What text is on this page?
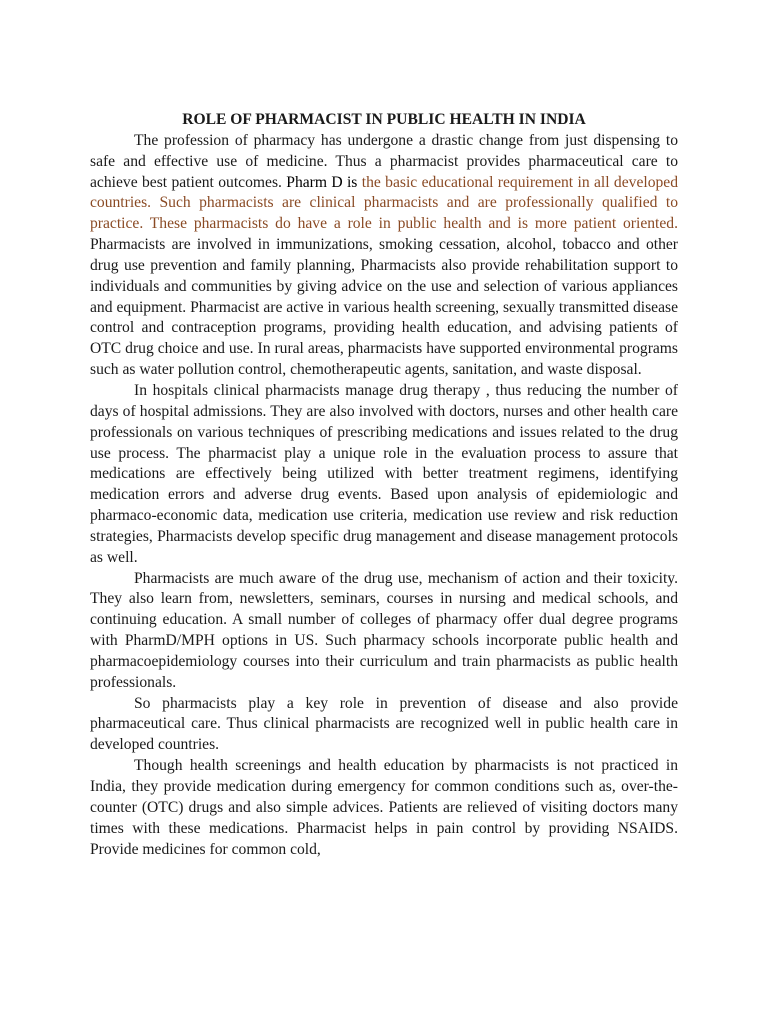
ROLE OF PHARMACIST IN PUBLIC HEALTH IN INDIA

The profession of pharmacy has undergone a drastic change from just dispensing to safe and effective use of medicine. Thus a pharmacist provides pharmaceutical care to achieve best patient outcomes. Pharm D is the basic educational requirement in all developed countries. Such pharmacists are clinical pharmacists and are professionally qualified to practice. These pharmacists do have a role in public health and is more patient oriented. Pharmacists are involved in immunizations, smoking cessation, alcohol, tobacco and other drug use prevention and family planning, Pharmacists also provide rehabilitation support to individuals and communities by giving advice on the use and selection of various appliances and equipment. Pharmacist are active in various health screening, sexually transmitted disease control and contraception programs, providing health education, and advising patients of OTC drug choice and use. In rural areas, pharmacists have supported environmental programs such as water pollution control, chemotherapeutic agents, sanitation, and waste disposal.

In hospitals clinical pharmacists manage drug therapy , thus reducing the number of days of hospital admissions. They are also involved with doctors, nurses and other health care professionals on various techniques of prescribing medications and issues related to the drug use process. The pharmacist play a unique role in the evaluation process to assure that medications are effectively being utilized with better treatment regimens, identifying medication errors and adverse drug events. Based upon analysis of epidemiologic and pharmaco-economic data, medication use criteria, medication use review and risk reduction strategies, Pharmacists develop specific drug management and disease management protocols as well.

Pharmacists are much aware of the drug use, mechanism of action and their toxicity. They also learn from, newsletters, seminars, courses in nursing and medical schools, and continuing education. A small number of colleges of pharmacy offer dual degree programs with PharmD/MPH options in US. Such pharmacy schools incorporate public health and pharmacoepidemiology courses into their curriculum and train pharmacists as public health professionals.

So pharmacists play a key role in prevention of disease and also provide pharmaceutical care. Thus clinical pharmacists are recognized well in public health care in developed countries.

Though health screenings and health education by pharmacists is not practiced in India, they provide medication during emergency for common conditions such as, over-the-counter (OTC) drugs and also simple advices. Patients are relieved of visiting doctors many times with these medications. Pharmacist helps in pain control by providing NSAIDS. Provide medicines for common cold,
